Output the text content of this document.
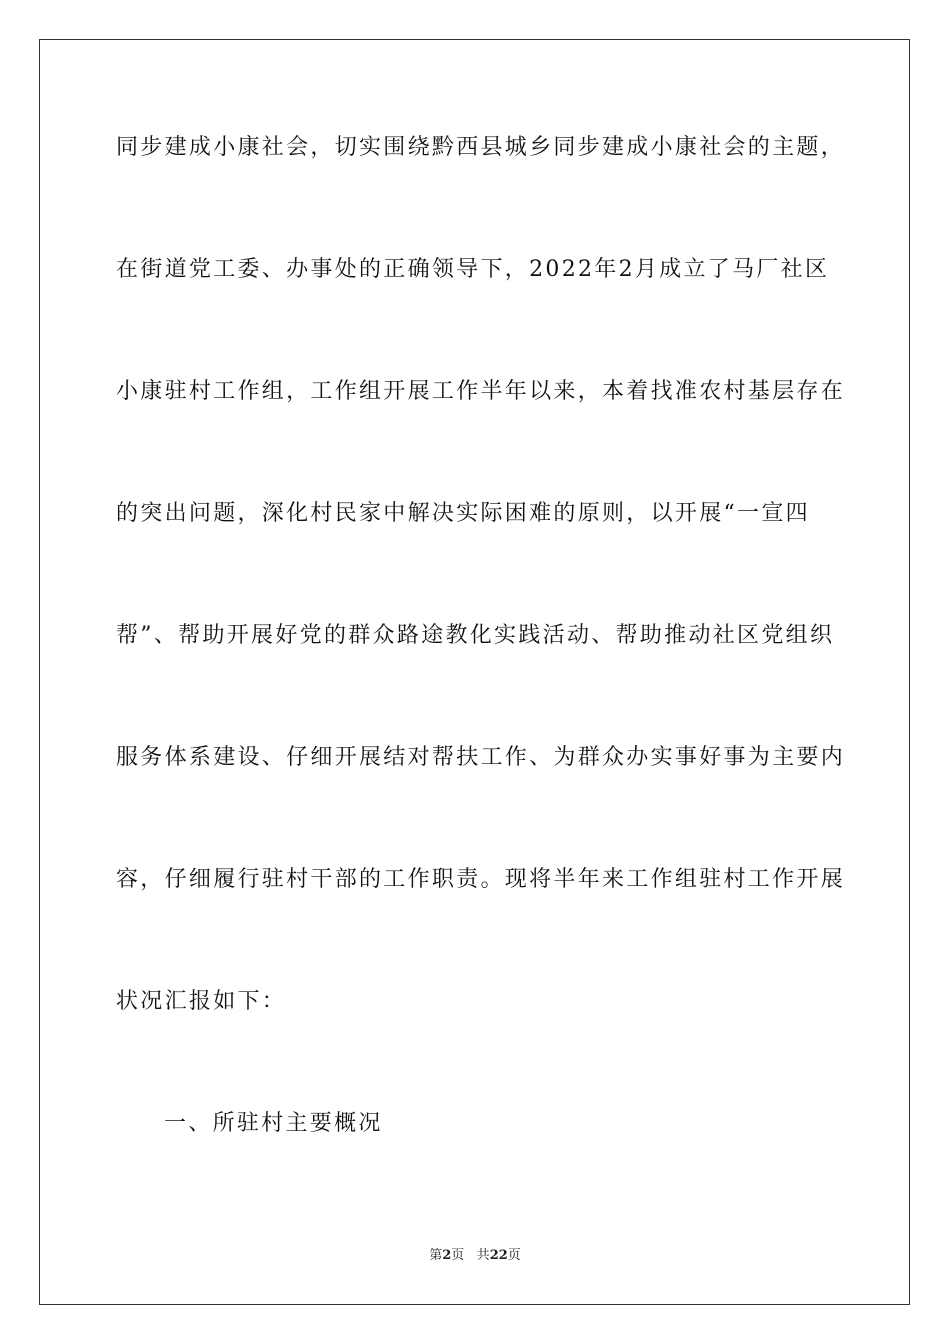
同步建成小康社会，切实围绕黔西县城乡同步建成小康社会的主题，
在街道党工委、办事处的正确领导下，2022年2月成立了马厂社区
小康驻村工作组，工作组开展工作半年以来，本着找准农村基层存在
的突出问题，深化村民家中解决实际困难的原则，以开展“一宣四
帮”、帮助开展好党的群众路途教化实践活动、帮助推动社区党组织
服务体系建设、仔细开展结对帮扶工作、为群众办实事好事为主要内
容，仔细履行驻村干部的工作职责。现将半年来工作组驻村工作开展
状况汇报如下：
一、所驻村主要概况
第2页 共22页
